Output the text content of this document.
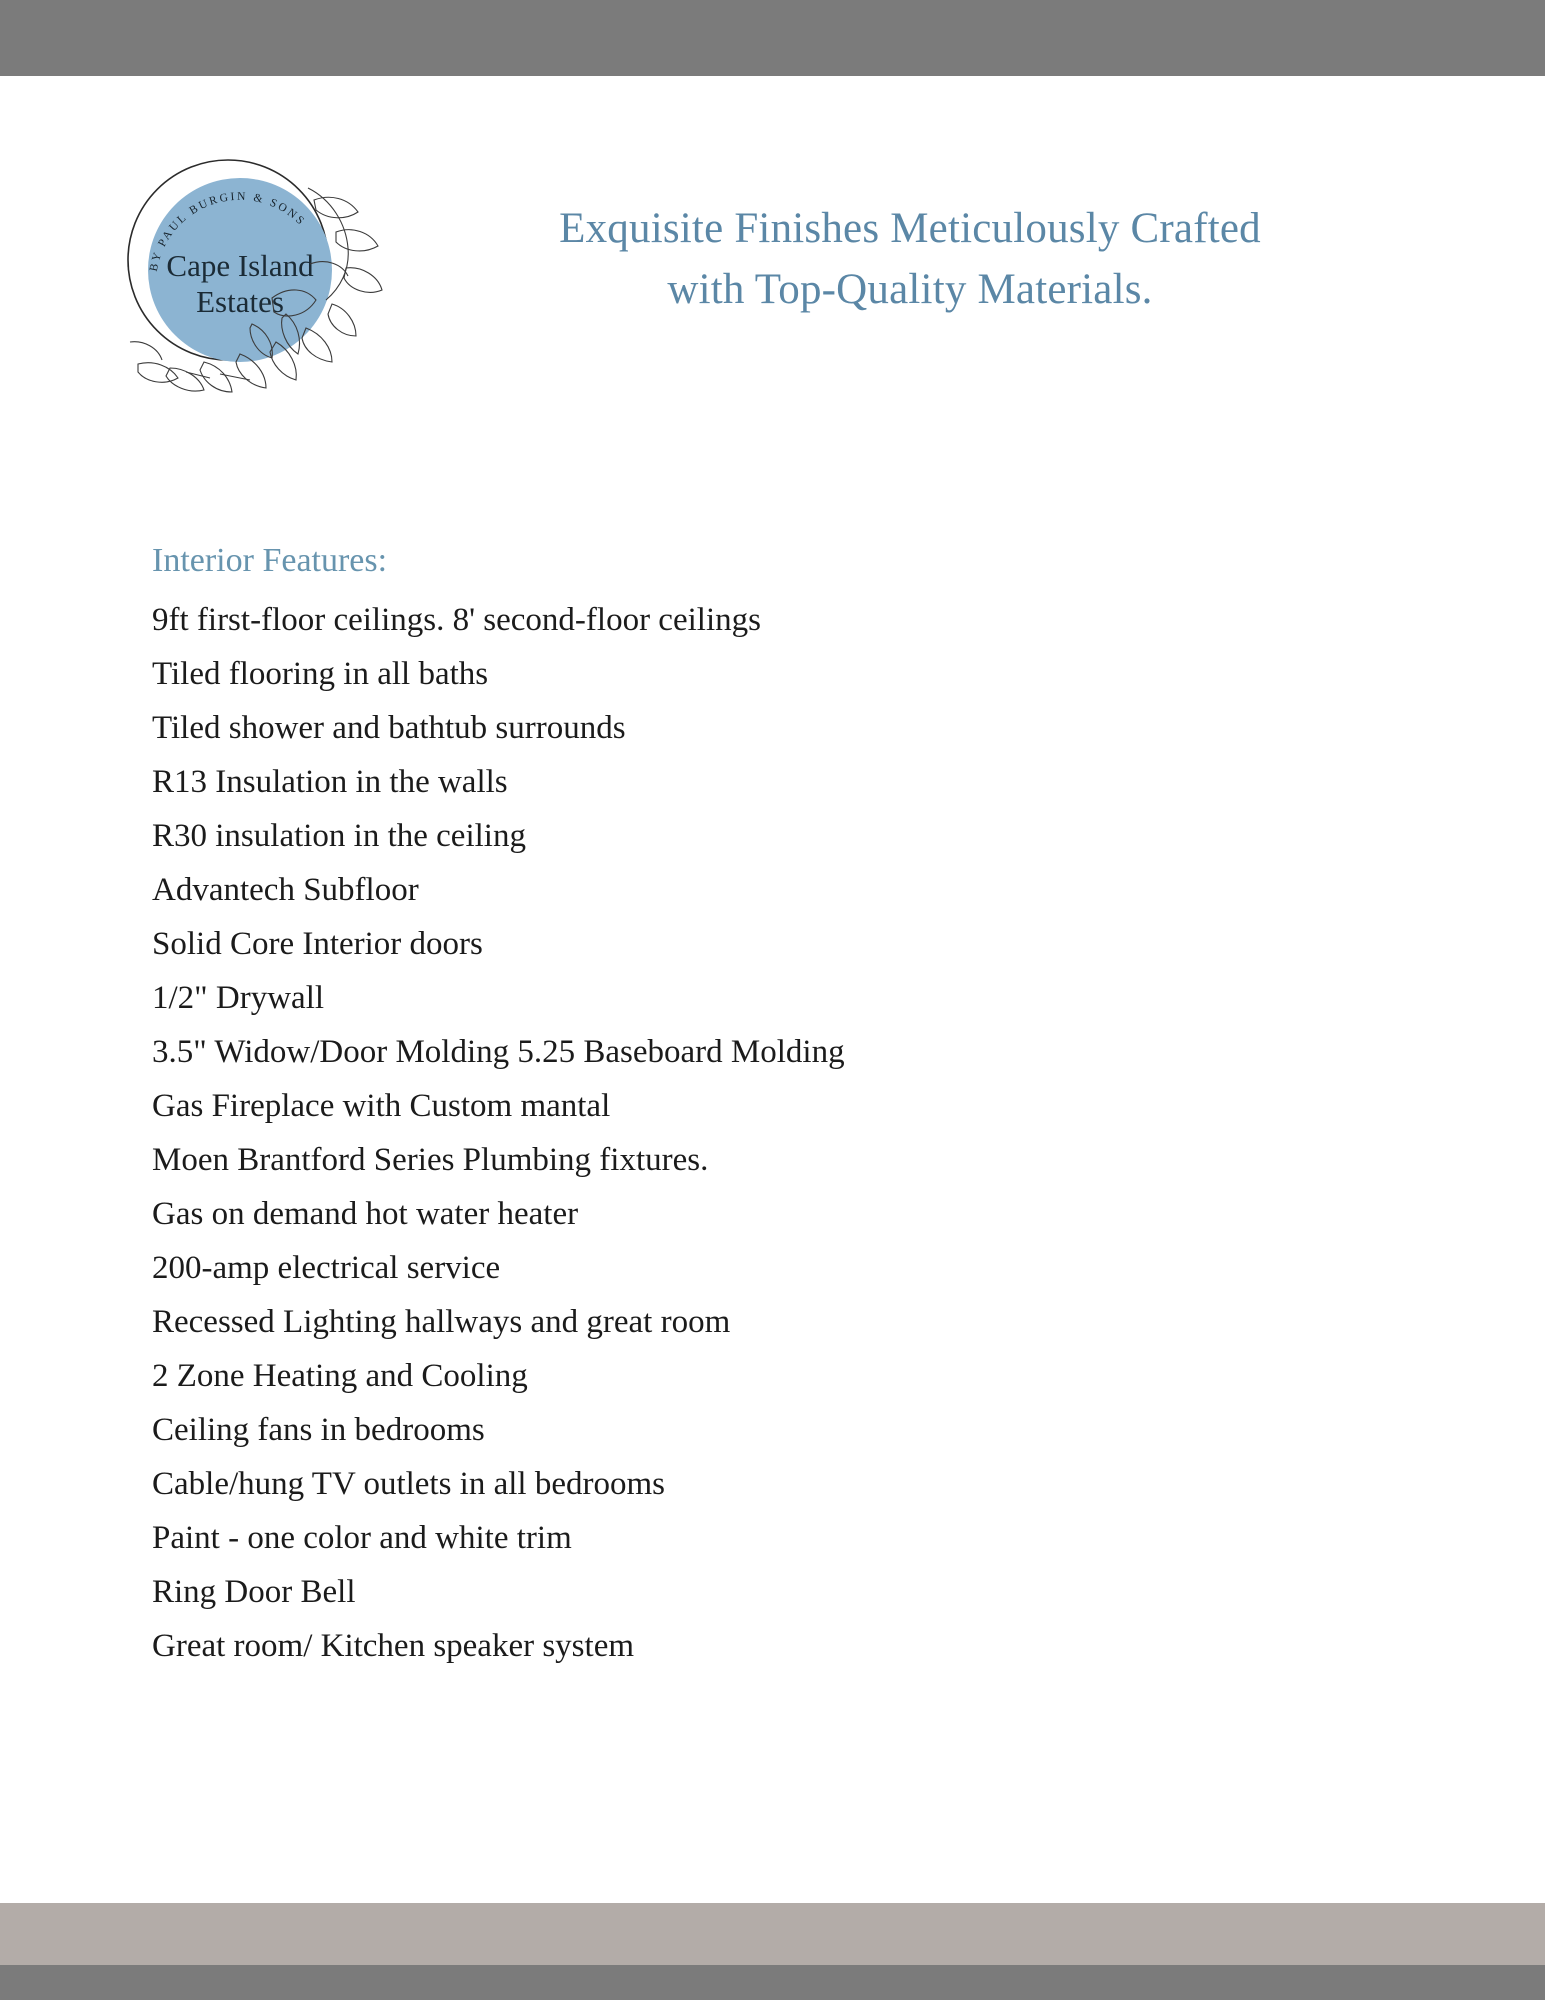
BY PAUL BURGIN & SONS
Cape Island
Estates
Exquisite Finishes Meticulously Crafted
with Top-Quality Materials.
Interior Features:
9ft first-floor ceilings. 8' second-floor ceilings
Tiled flooring in all baths
Tiled shower and bathtub surrounds
R13 Insulation in the walls
R30 insulation in the ceiling
Advantech Subfloor
Solid Core Interior doors
1/2" Drywall
3.5" Widow/Door Molding 5.25 Baseboard Molding
Gas Fireplace with Custom mantal
Moen Brantford Series Plumbing fixtures.
Gas on demand hot water heater
200-amp electrical service
Recessed Lighting hallways and great room
2 Zone Heating and Cooling
Ceiling fans in bedrooms
Cable/hung TV outlets in all bedrooms
Paint - one color and white trim
Ring Door Bell
Great room/ Kitchen speaker system
